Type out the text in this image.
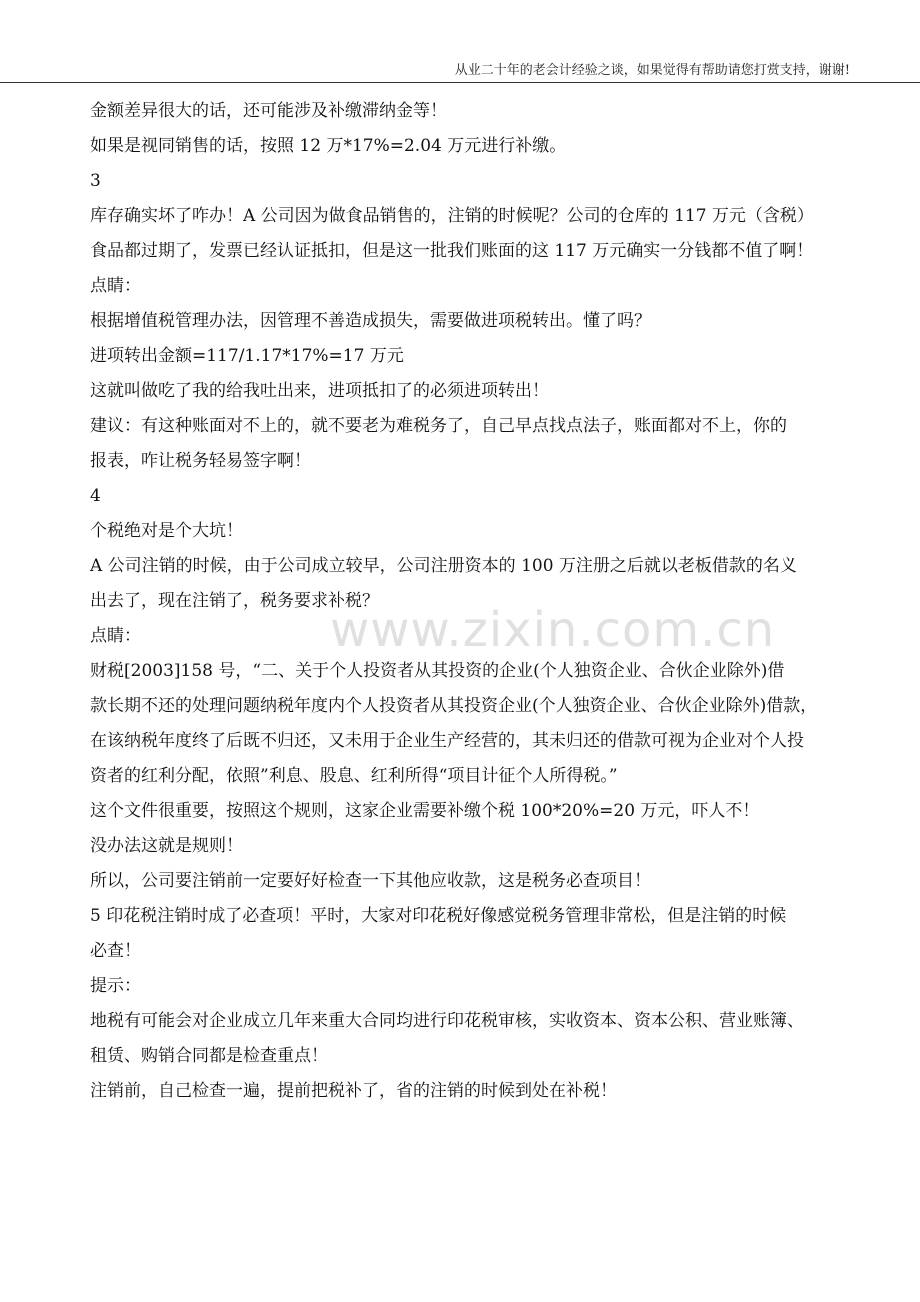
从业二十年的老会计经验之谈，如果觉得有帮助请您打赏支持，谢谢!
www.zixin.com.cn

金额差异很大的话，还可能涉及补缴滞纳金等！

如果是视同销售的话，按照 12 万*17%=2.04 万元进行补缴。

3

库存确实坏了咋办！A 公司因为做食品销售的，注销的时候呢？公司的仓库的 117 万元（含税）

食品都过期了，发票已经认证抵扣，但是这一批我们账面的这 117 万元确实一分钱都不值了啊！

点睛：

根据增值税管理办法，因管理不善造成损失，需要做进项税转出。懂了吗？

进项转出金额=117/1.17*17%=17 万元

这就叫做吃了我的给我吐出来，进项抵扣了的必须进项转出！

建议：有这种账面对不上的，就不要老为难税务了，自己早点找点法子，账面都对不上，你的

报表，咋让税务轻易签字啊！

4

个税绝对是个大坑！

A 公司注销的时候，由于公司成立较早，公司注册资本的 100 万注册之后就以老板借款的名义

出去了，现在注销了，税务要求补税？

点睛：

财税[2003]158 号，“二、关于个人投资者从其投资的企业(个人独资企业、合伙企业除外)借

款长期不还的处理问题纳税年度内个人投资者从其投资企业(个人独资企业、合伙企业除外)借款，

在该纳税年度终了后既不归还，又未用于企业生产经营的，其未归还的借款可视为企业对个人投

资者的红利分配，依照”利息、股息、红利所得“项目计征个人所得税。”

这个文件很重要，按照这个规则，这家企业需要补缴个税 100*20%=20 万元，吓人不！

没办法这就是规则！

所以，公司要注销前一定要好好检查一下其他应收款，这是税务必查项目！

5 印花税注销时成了必查项！平时，大家对印花税好像感觉税务管理非常松，但是注销的时候

必查！

提示：

地税有可能会对企业成立几年来重大合同均进行印花税审核，实收资本、资本公积、营业账簿、

租赁、购销合同都是检查重点！

注销前，自己检查一遍，提前把税补了，省的注销的时候到处在补税！
